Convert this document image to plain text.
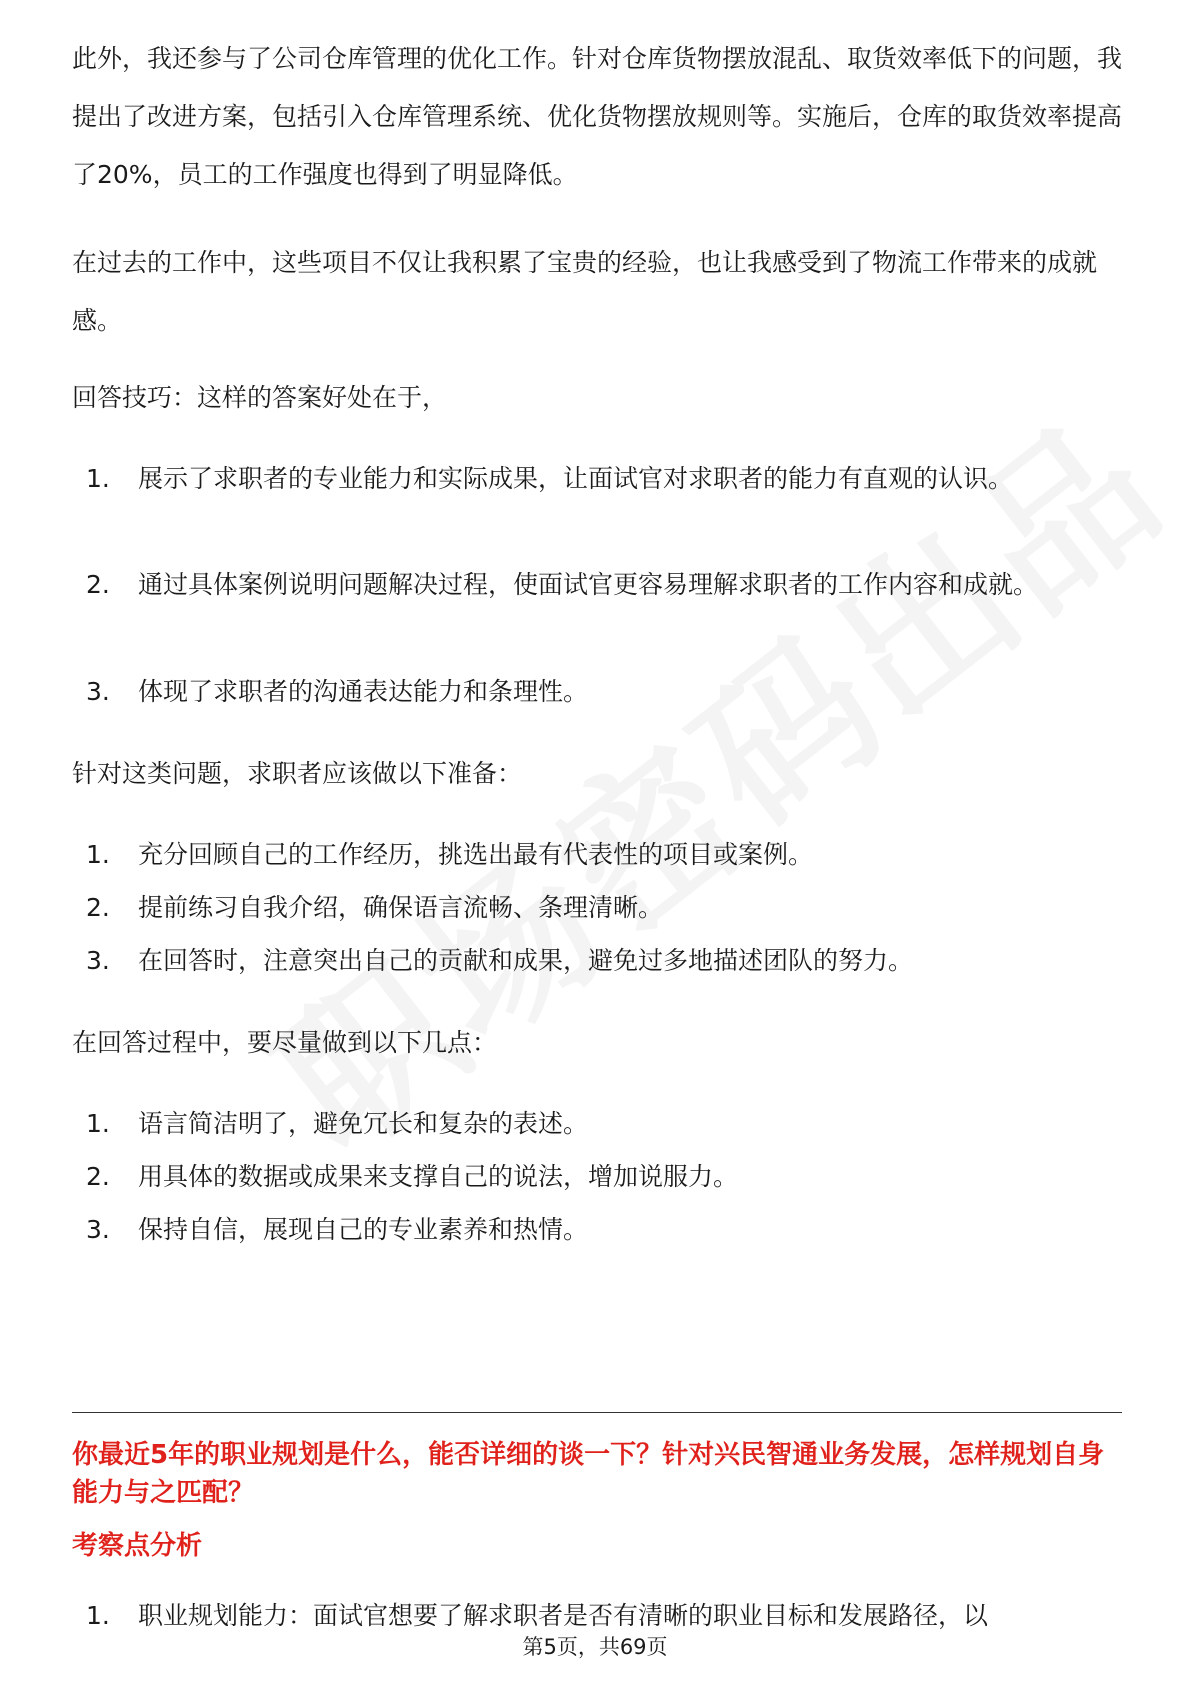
此外，我还参与了公司仓库管理的优化工作。针对仓库货物摆放混乱、取货效率低下的问题，我提出了改进方案，包括引入仓库管理系统、优化货物摆放规则等。实施后，仓库的取货效率提高了20%，员工的工作强度也得到了明显降低。

在过去的工作中，这些项目不仅让我积累了宝贵的经验，也让我感受到了物流工作带来的成就感。

回答技巧：这样的答案好处在于，

1.	展示了求职者的专业能力和实际成果，让面试官对求职者的能力有直观的认识。
2.	通过具体案例说明问题解决过程，使面试官更容易理解求职者的工作内容和成就。
3.	体现了求职者的沟通表达能力和条理性。

针对这类问题，求职者应该做以下准备：

1.	充分回顾自己的工作经历，挑选出最有代表性的项目或案例。
2.	提前练习自我介绍，确保语言流畅、条理清晰。
3.	在回答时，注意突出自己的贡献和成果，避免过多地描述团队的努力。

在回答过程中，要尽量做到以下几点：

1.	语言简洁明了，避免冗长和复杂的表述。
2.	用具体的数据或成果来支撑自己的说法，增加说服力。
3.	保持自信，展现自己的专业素养和热情。

你最近5年的职业规划是什么，能否详细的谈一下？针对兴民智通业务发展，怎样规划自身能力与之匹配？

考察点分析

1.	职业规划能力：面试官想要了解求职者是否有清晰的职业目标和发展路径，以
第5页，共69页
